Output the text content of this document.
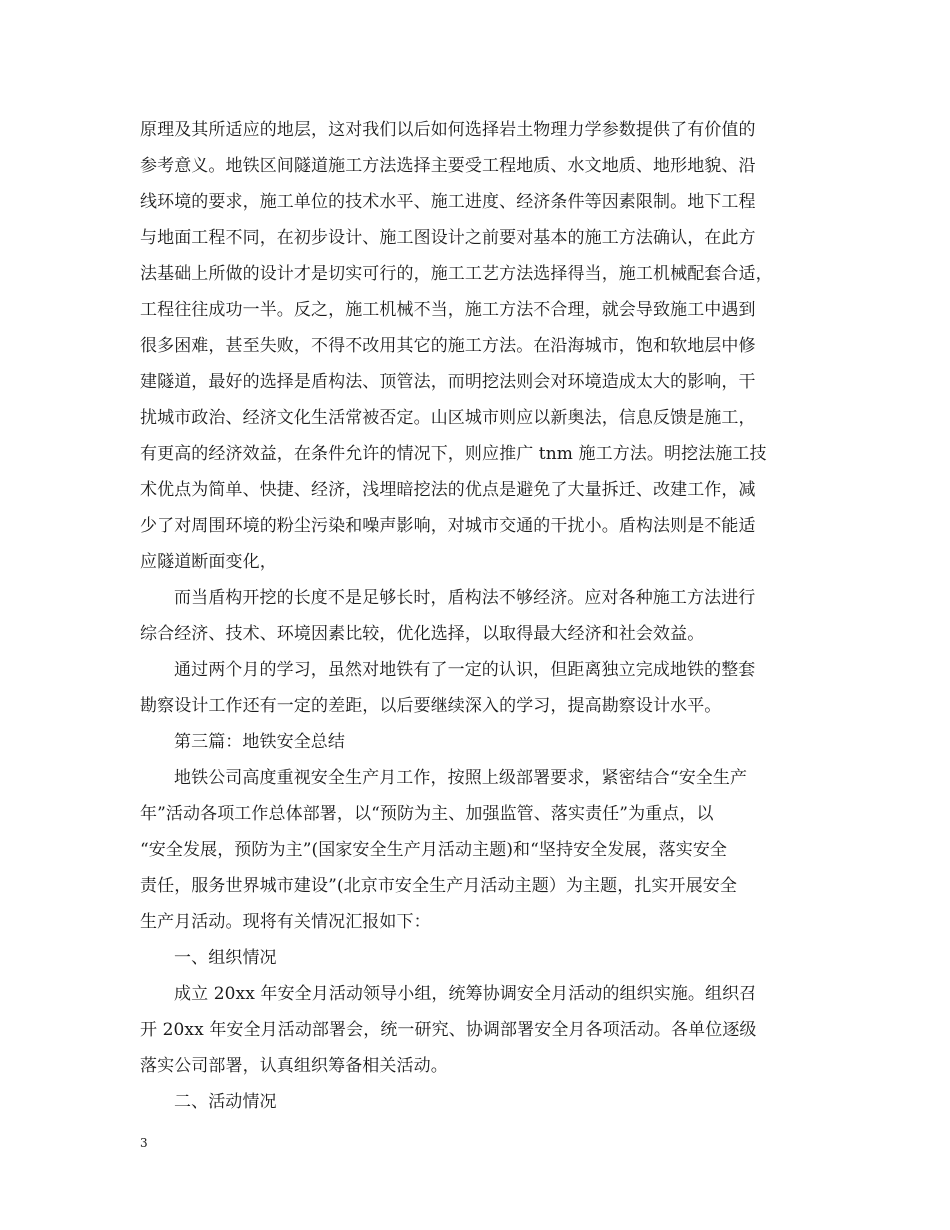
原理及其所适应的地层，这对我们以后如何选择岩土物理力学参数提供了有价值的
参考意义。地铁区间隧道施工方法选择主要受工程地质、水文地质、地形地貌、沿
线环境的要求，施工单位的技术水平、施工进度、经济条件等因素限制。地下工程
与地面工程不同，在初步设计、施工图设计之前要对基本的施工方法确认，在此方
法基础上所做的设计才是切实可行的，施工工艺方法选择得当，施工机械配套合适，
工程往往成功一半。反之，施工机械不当，施工方法不合理，就会导致施工中遇到
很多困难，甚至失败，不得不改用其它的施工方法。在沿海城市，饱和软地层中修
建隧道，最好的选择是盾构法、顶管法，而明挖法则会对环境造成太大的影响，干
扰城市政治、经济文化生活常被否定。山区城市则应以新奥法，信息反馈是施工，
有更高的经济效益，在条件允许的情况下，则应推广 tnm 施工方法。明挖法施工技
术优点为简单、快捷、经济，浅埋暗挖法的优点是避免了大量拆迁、改建工作，减
少了对周围环境的粉尘污染和噪声影响，对城市交通的干扰小。盾构法则是不能适
应隧道断面变化，
而当盾构开挖的长度不是足够长时，盾构法不够经济。应对各种施工方法进行
综合经济、技术、环境因素比较，优化选择，以取得最大经济和社会效益。
通过两个月的学习，虽然对地铁有了一定的认识，但距离独立完成地铁的整套
勘察设计工作还有一定的差距，以后要继续深入的学习，提高勘察设计水平。
第三篇：地铁安全总结
地铁公司高度重视安全生产月工作，按照上级部署要求，紧密结合“安全生产
年”活动各项工作总体部署，以“预防为主、加强监管、落实责任”为重点，以
“安全发展，预防为主”(国家安全生产月活动主题)和“坚持安全发展，落实安全
责任，服务世界城市建设”(北京市安全生产月活动主题）为主题，扎实开展安全
生产月活动。现将有关情况汇报如下：
一、组织情况
成立 20xx 年安全月活动领导小组，统筹协调安全月活动的组织实施。组织召
开 20xx 年安全月活动部署会，统一研究、协调部署安全月各项活动。各单位逐级
落实公司部署，认真组织筹备相关活动。
二、活动情况
3
